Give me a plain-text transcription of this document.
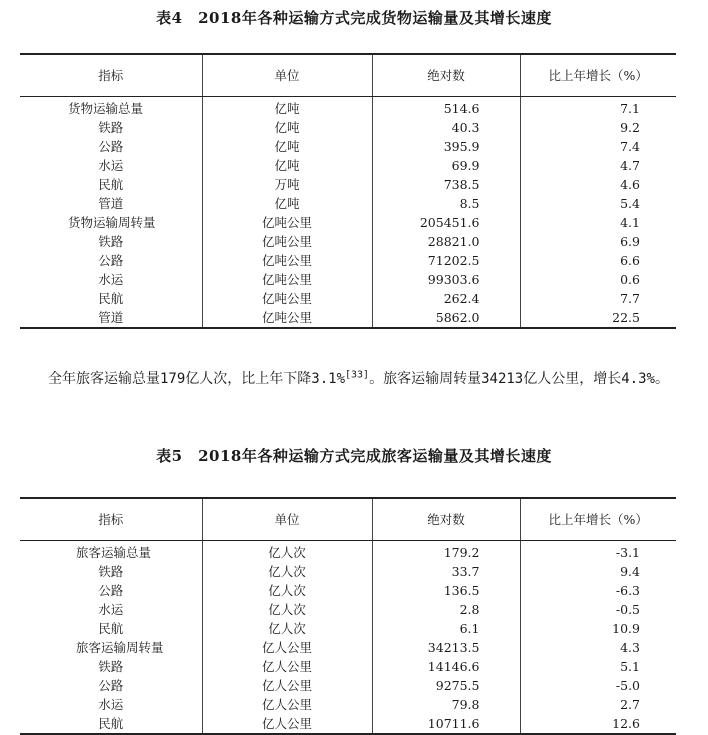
表4　2018年各种运输方式完成货物运输量及其增长速度
指标	单位	绝对数	比上年增长（%）
货物运输总量	亿吨	514.6	7.1
铁路	亿吨	40.3	9.2
公路	亿吨	395.9	7.4
水运	亿吨	69.9	4.7
民航	万吨	738.5	4.6
管道	亿吨	8.5	5.4
货物运输周转量	亿吨公里	205451.6	4.1
铁路	亿吨公里	28821.0	6.9
公路	亿吨公里	71202.5	6.6
水运	亿吨公里	99303.6	0.6
民航	亿吨公里	262.4	7.7
管道	亿吨公里	5862.0	22.5

全年旅客运输总量179亿人次，比上年下降3.1%[33]。旅客运输周转量34213亿人公里，增长4.3%。

表5　2018年各种运输方式完成旅客运输量及其增长速度
指标	单位	绝对数	比上年增长（%）
旅客运输总量	亿人次	179.2	-3.1
铁路	亿人次	33.7	9.4
公路	亿人次	136.5	-6.3
水运	亿人次	2.8	-0.5
民航	亿人次	6.1	10.9
旅客运输周转量	亿人公里	34213.5	4.3
铁路	亿人公里	14146.6	5.1
公路	亿人公里	9275.5	-5.0
水运	亿人公里	79.8	2.7
民航	亿人公里	10711.6	12.6
